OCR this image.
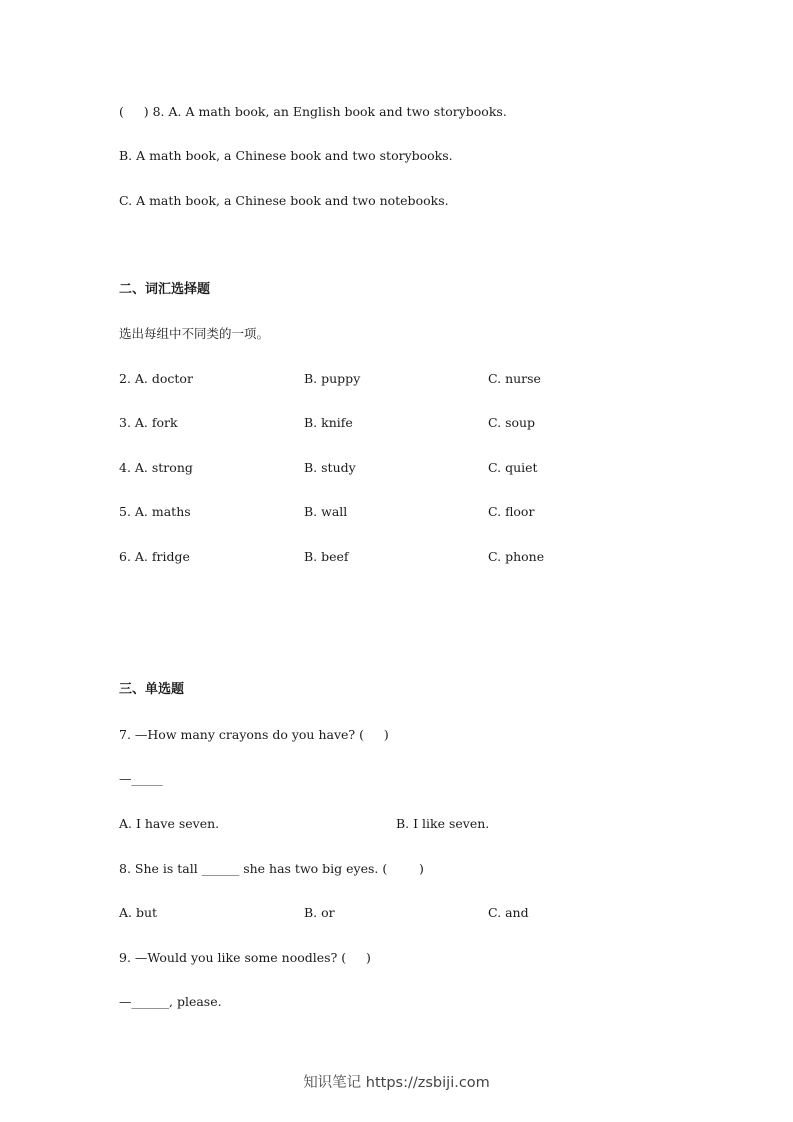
(     ) 8. A. A math book, an English book and two storybooks.
B. A math book, a Chinese book and two storybooks.
C. A math book, a Chinese book and two notebooks.
二、词汇选择题
选出每组中不同类的一项。
2. A. doctor	B. puppy	C. nurse
3. A. fork	B. knife	C. soup
4. A. strong	B. study	C. quiet
5. A. maths	B. wall	C. floor
6. A. fridge	B. beef	C. phone
三、单选题
7. —How many crayons do you have? (     )
—_____
A. I have seven.	B. I like seven.
8. She is tall ______ she has two big eyes. (        )
A. but	B. or	C. and
9. —Would you like some noodles? (     )
—______, please.
知识笔记 https://zsbiji.com
